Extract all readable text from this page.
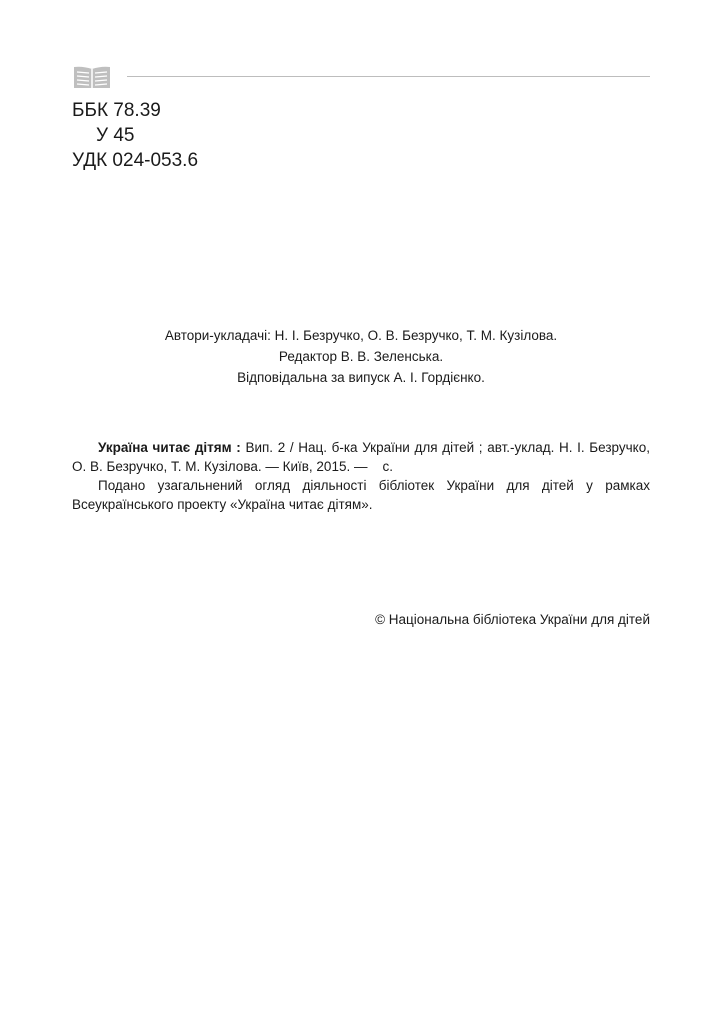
ББК 78.39
У 45
УДК 024-053.6
Автори-укладачі: Н. І. Безручко, О. В. Безручко, Т. М. Кузілова.
Редактор В. В. Зеленська.
Відповідальна за випуск А. І. Гордієнко.

Україна читає дітям : Вип. 2 / Нац. б-ка України для дітей ; авт.-уклад. Н. І. Безручко, О. В. Безручко, Т. М. Кузілова. — Київ, 2015. —    с.

Подано узагальнений огляд діяльності бібліотек України для дітей у рамках Всеукраїнського проекту «Україна читає дітям».

© Національна бібліотека України для дітей
